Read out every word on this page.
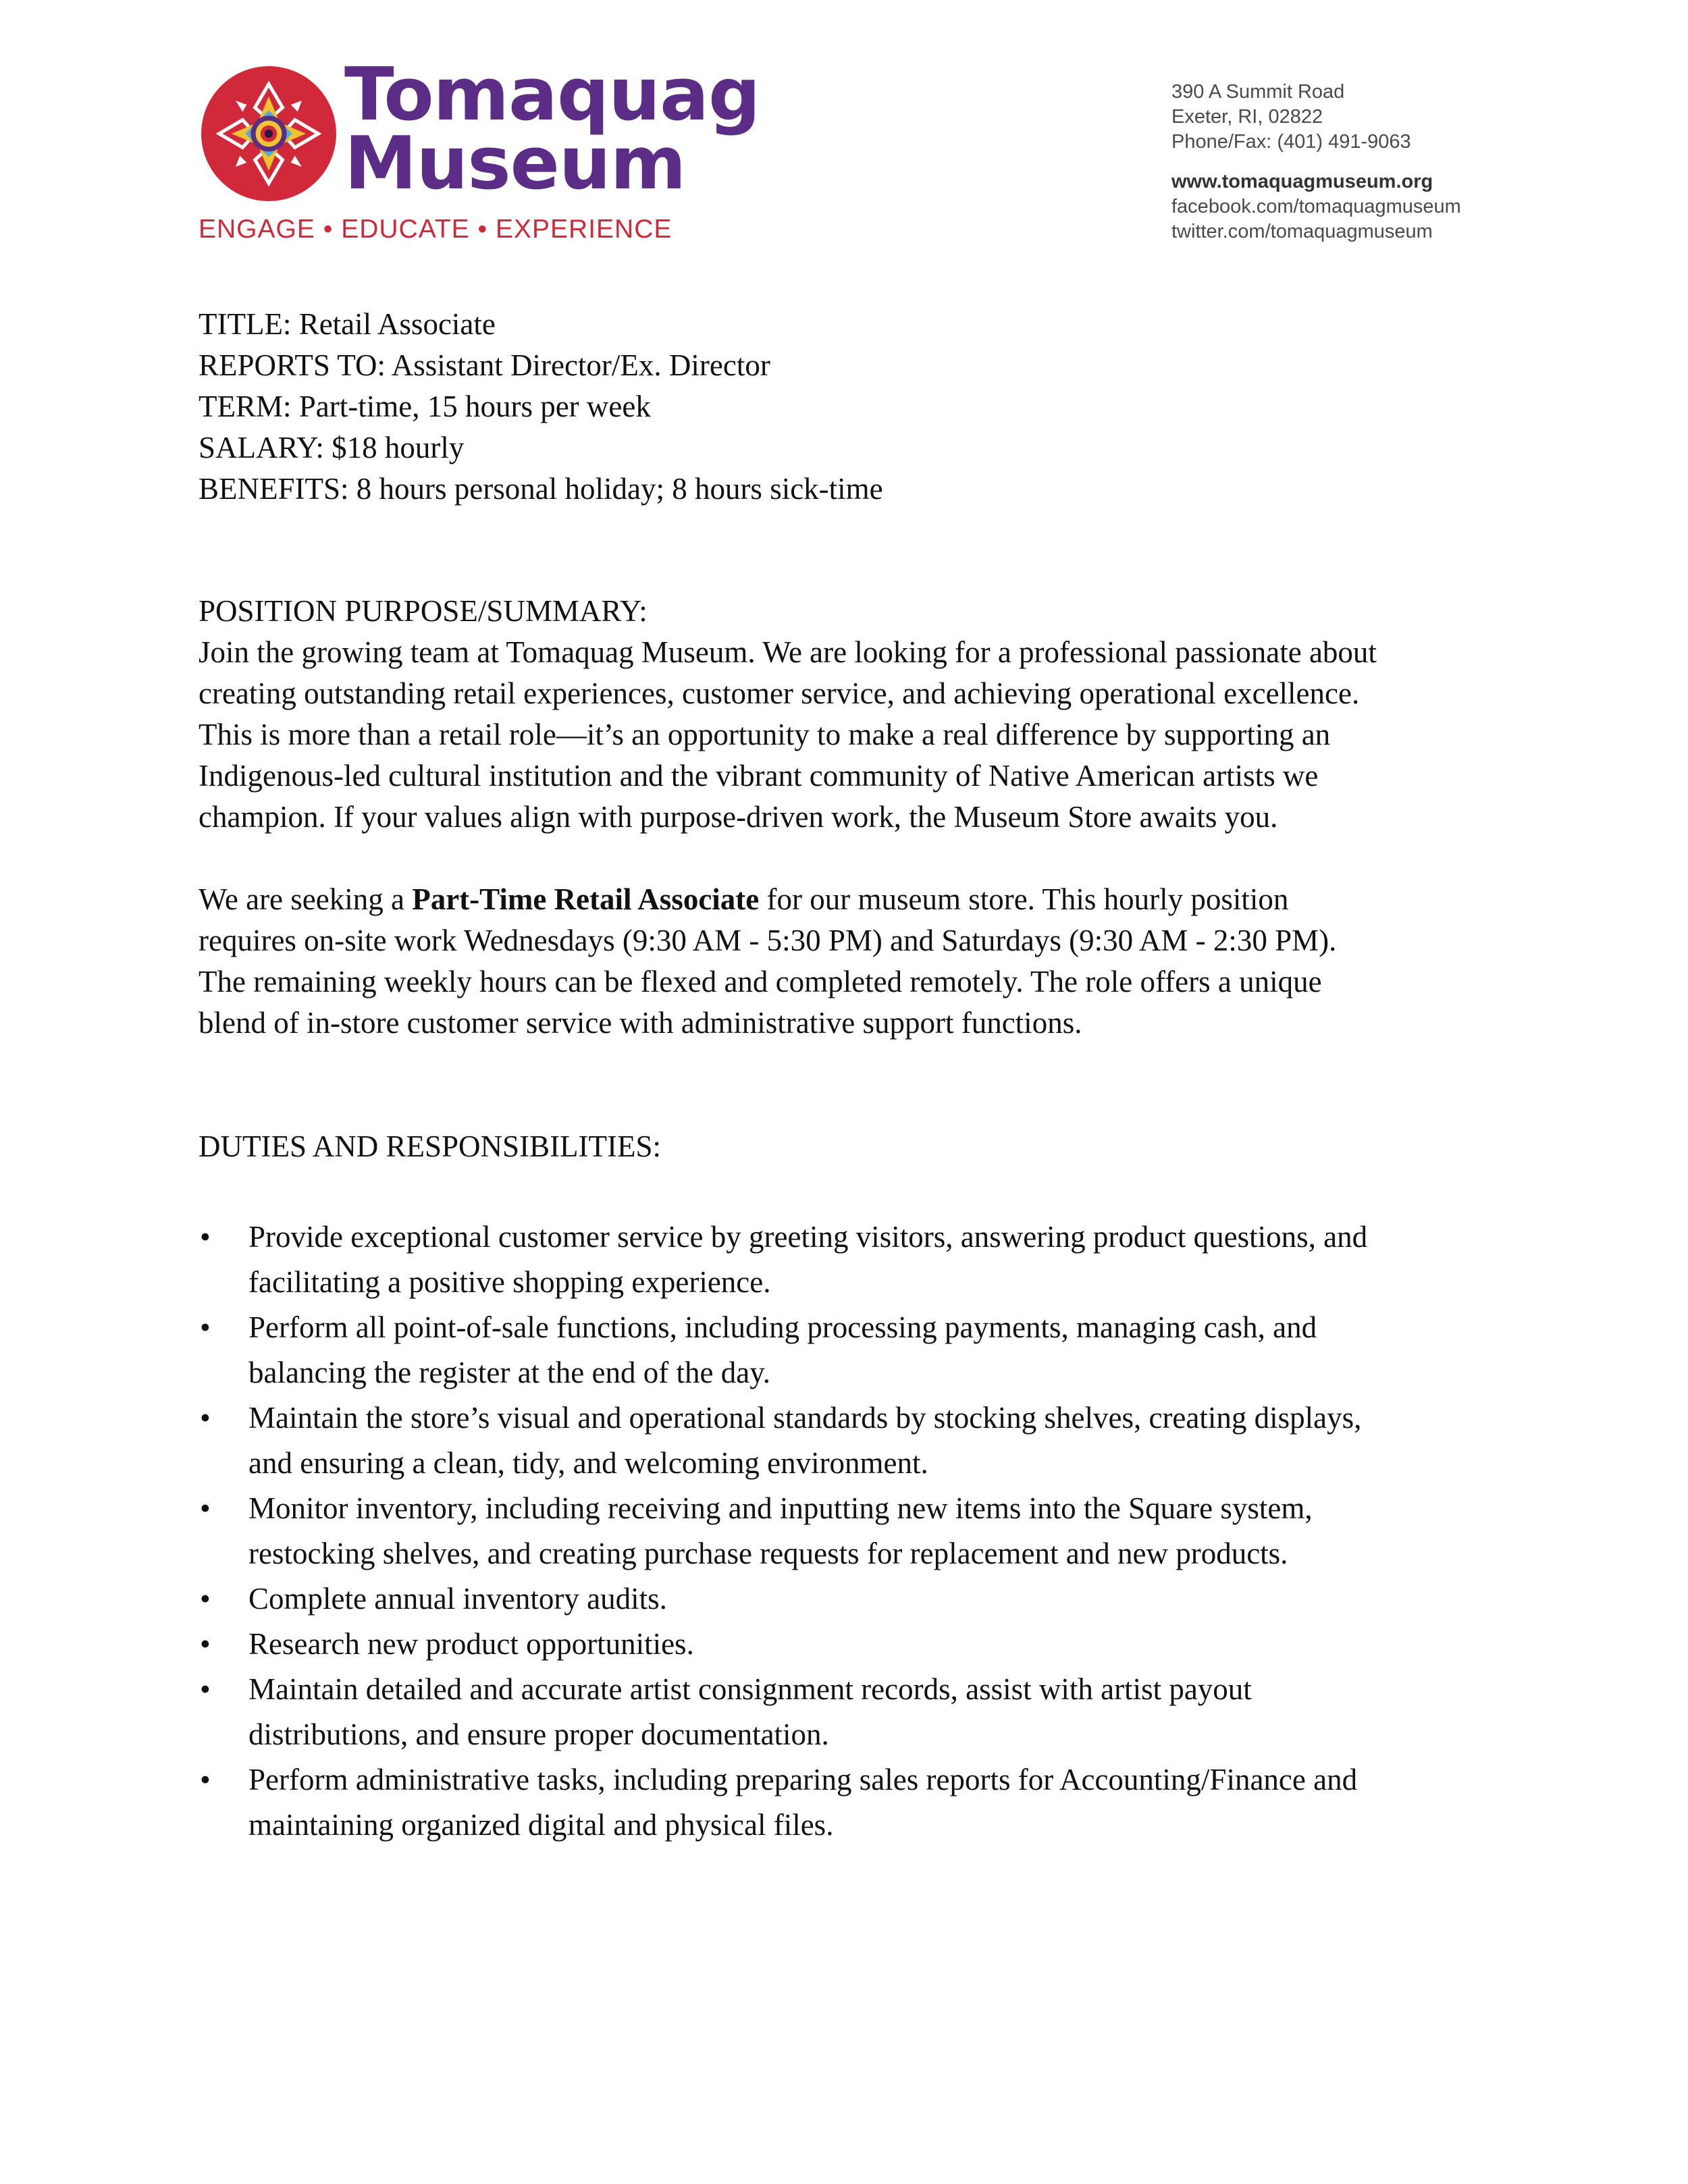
Tomaquag
Museum
ENGAGE • EDUCATE • EXPERIENCE
390 A Summit Road
Exeter, RI, 02822
Phone/Fax: (401) 491-9063
www.tomaquagmuseum.org
facebook.com/tomaquagmuseum
twitter.com/tomaquagmuseum
TITLE: Retail Associate
REPORTS TO: Assistant Director/Ex. Director
TERM: Part-time, 15 hours per week
SALARY: $18 hourly
BENEFITS: 8 hours personal holiday; 8 hours sick-time
POSITION PURPOSE/SUMMARY:
Join the growing team at Tomaquag Museum. We are looking for a professional passionate about
creating outstanding retail experiences, customer service, and achieving operational excellence.
This is more than a retail role—it’s an opportunity to make a real difference by supporting an
Indigenous-led cultural institution and the vibrant community of Native American artists we
champion. If your values align with purpose-driven work, the Museum Store awaits you.
We are seeking a Part-Time Retail Associate for our museum store. This hourly position
requires on-site work Wednesdays (9:30 AM - 5:30 PM) and Saturdays (9:30 AM - 2:30 PM).
The remaining weekly hours can be flexed and completed remotely. The role offers a unique
blend of in-store customer service with administrative support functions.
DUTIES AND RESPONSIBILITIES:
• Provide exceptional customer service by greeting visitors, answering product questions, and
facilitating a positive shopping experience.
• Perform all point-of-sale functions, including processing payments, managing cash, and
balancing the register at the end of the day.
• Maintain the store’s visual and operational standards by stocking shelves, creating displays,
and ensuring a clean, tidy, and welcoming environment.
• Monitor inventory, including receiving and inputting new items into the Square system,
restocking shelves, and creating purchase requests for replacement and new products.
• Complete annual inventory audits.
• Research new product opportunities.
• Maintain detailed and accurate artist consignment records, assist with artist payout
distributions, and ensure proper documentation.
• Perform administrative tasks, including preparing sales reports for Accounting/Finance and
maintaining organized digital and physical files.
